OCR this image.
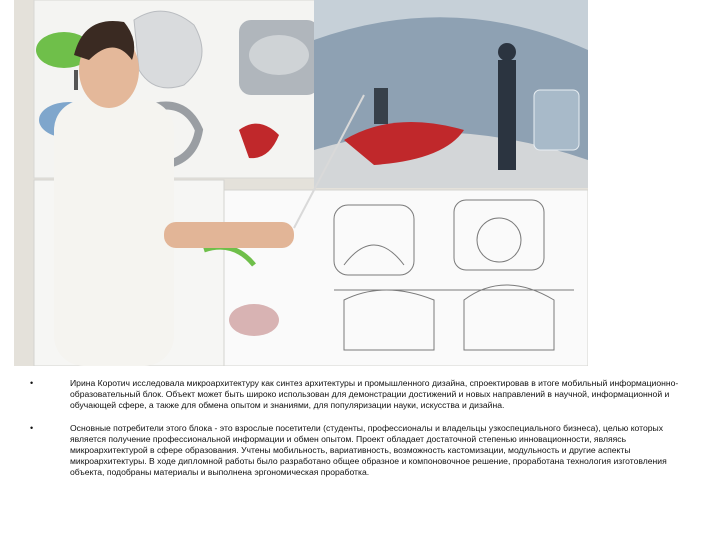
•	Ирина Коротич исследовала микроархитектуру как синтез архитектуры и промышленного дизайна, спроектировав в итоге мобильный информационно-образовательный блок. Объект может быть широко использован для демонстрации достижений и новых направлений в научной, информационной и обучающей сфере, а также для обмена опытом и знаниями, для популяризации науки, искусства и дизайна.
•	Основные потребители этого блока - это взрослые посетители (студенты, профессионалы и владельцы узкоспециального бизнеса), целью которых является получение профессиональной информации и обмен опытом. Проект обладает достаточной степенью инновационности, являясь микроархитектурой в сфере образования. Учтены мобильность, вариативность, возможность кастомизации, модульность и другие аспекты микроархитектуры. В ходе дипломной работы было разработано общее образное и компоновочное решение, проработана технология изготовления объекта, подобраны материалы и выполнена эргономическая проработка.
